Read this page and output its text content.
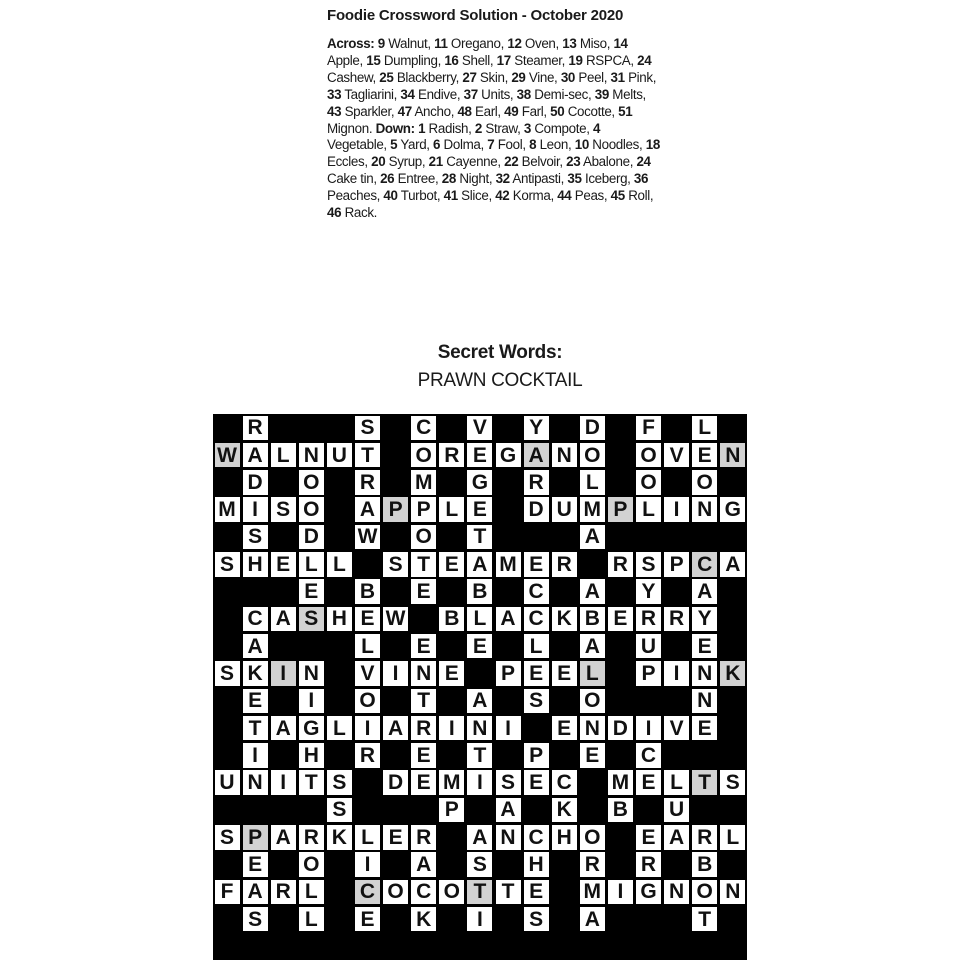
Foodie Crossword Solution - October 2020
Across: 9 Walnut, 11 Oregano, 12 Oven, 13 Miso, 14 Apple, 15 Dumpling, 16 Shell, 17 Steamer, 19 RSPCA, 24 Cashew, 25 Blackberry, 27 Skin, 29 Vine, 30 Peel, 31 Pink, 33 Tagliarini, 34 Endive, 37 Units, 38 Demi-sec, 39 Melts, 43 Sparkler, 47 Ancho, 48 Earl, 49 Farl, 50 Cocotte, 51 Mignon. Down: 1 Radish, 2 Straw, 3 Compote, 4 Vegetable, 5 Yard, 6 Dolma, 7 Fool, 8 Leon, 10 Noodles, 18 Eccles, 20 Syrup, 21 Cayenne, 22 Belvoir, 23 Abalone, 24 Cake tin, 26 Entree, 28 Night, 32 Antipasti, 35 Iceberg, 36 Peaches, 40 Turbot, 41 Slice, 42 Korma, 44 Peas, 45 Roll, 46 Rack.
Secret Words:
PRAWN COCKTAIL
R	S C V Y D F L
W A L N U T O R E G A N O O V E N
D O R M G R L O O
M I S O A P P L E D U M P L I N G
S D W O T	A
S H E L L S T E A M E R R S P C A
E B E B C A Y A
C A S H E W B L A C K B E R R Y
A	L E E L A U E
S K I N V I N E P E E L P I N K
E	I	O T A S O	N
T A G L I A R I N I	E N D I V E
I	H R E T P E C
U N I T S D E M I S E C M E L T S
S	P A K B U
S P A R K L E R A N C H O E A R L
E O	I	A S H R R B
F A R L C O C O T T E M I G N O N
S L E K	I	S A	T
